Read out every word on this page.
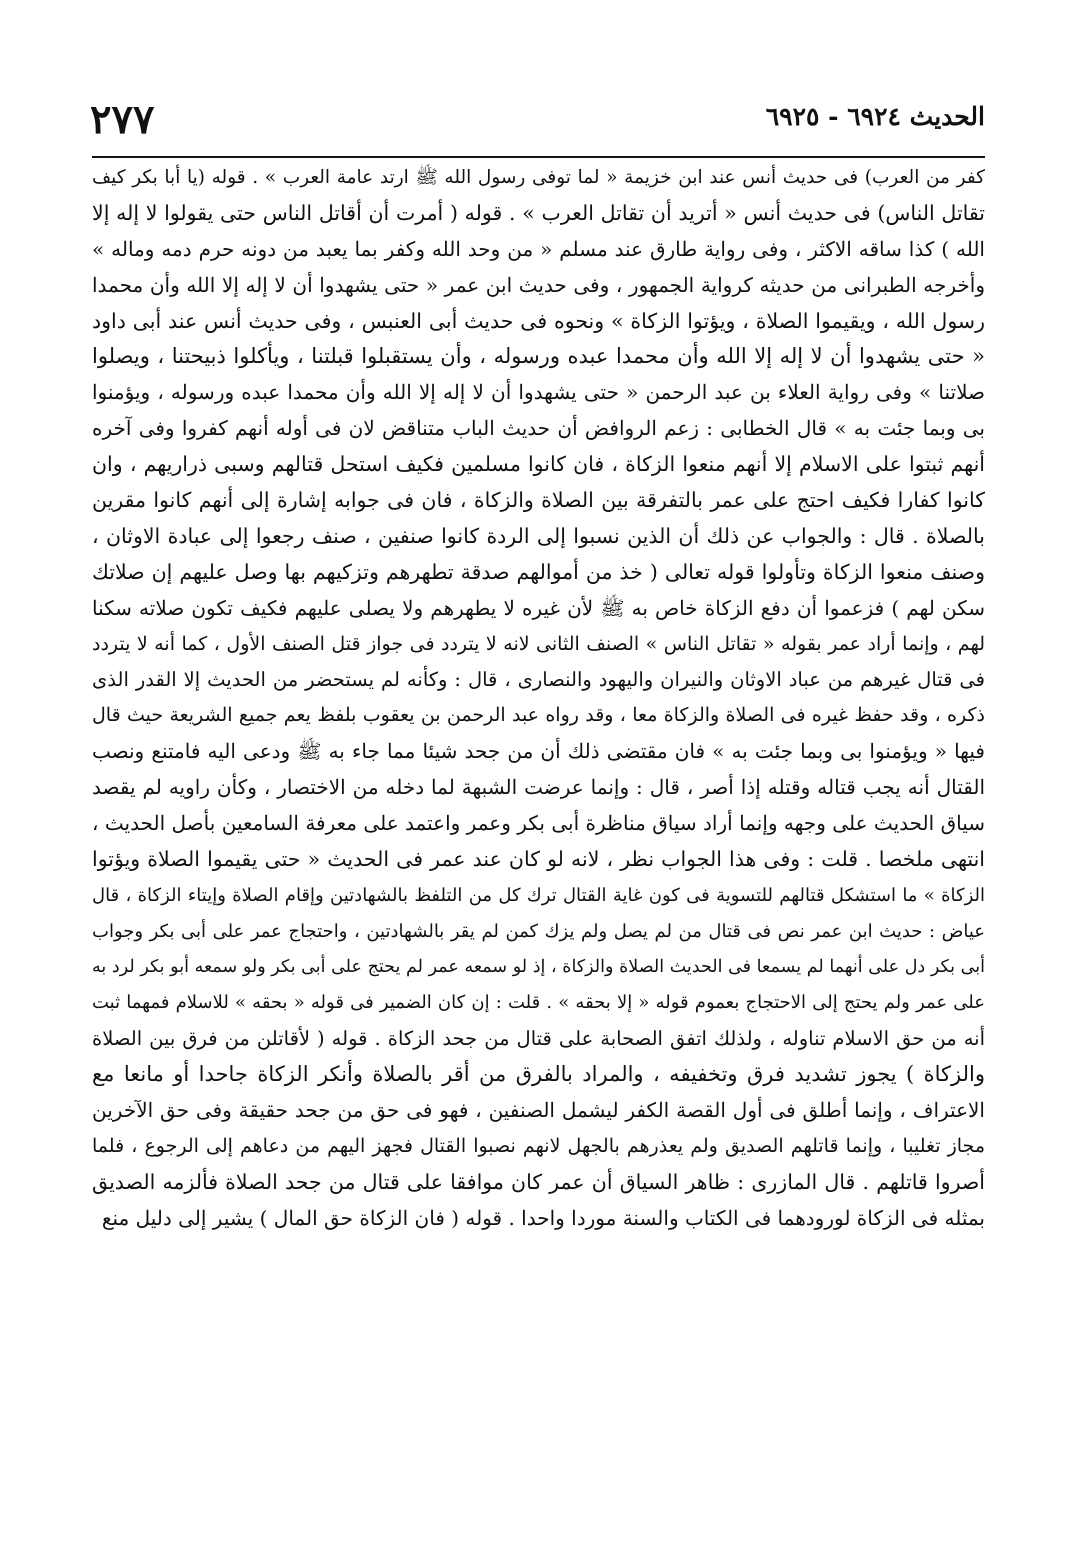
الحديث ٦٩٢٤ - ٦٩٢٥
٢٧٧
كفر من العرب) فى حديث أنس عند ابن خزيمة « لما توفى رسول الله ﷺ ارتد عامة العرب » . قوله (يا أبا بكر كيف
تقاتل الناس) فى حديث أنس « أتريد أن تقاتل العرب » . قوله ( أمرت أن أقاتل الناس حتى يقولوا لا إله إلا
الله ) كذا ساقه الاكثر ، وفى رواية طارق عند مسلم « من وحد الله وكفر بما يعبد من دونه حرم دمه وماله »
وأخرجه الطبرانى من حديثه كرواية الجمهور ، وفى حديث ابن عمر « حتى يشهدوا أن لا إله إلا الله وأن محمدا
رسول الله ، ويقيموا الصلاة ، ويؤتوا الزكاة » ونحوه فى حديث أبى العنبس ، وفى حديث أنس عند أبى داود
« حتى يشهدوا أن لا إله إلا الله وأن محمدا عبده ورسوله ، وأن يستقبلوا قبلتنا ، ويأكلوا ذبيحتنا ، ويصلوا
صلاتنا » وفى رواية العلاء بن عبد الرحمن « حتى يشهدوا أن لا إله إلا الله وأن محمدا عبده ورسوله ، ويؤمنوا
بى وبما جئت به » قال الخطابى : زعم الروافض أن حديث الباب متناقض لان فى أوله أنهم كفروا وفى آخره
أنهم ثبتوا على الاسلام إلا أنهم منعوا الزكاة ، فان كانوا مسلمين فكيف استحل قتالهم وسبى ذراريهم ، وان
كانوا كفارا فكيف احتج على عمر بالتفرقة بين الصلاة والزكاة ، فان فى جوابه إشارة إلى أنهم كانوا مقرين
بالصلاة . قال : والجواب عن ذلك أن الذين نسبوا إلى الردة كانوا صنفين ، صنف رجعوا إلى عبادة الاوثان ،
وصنف منعوا الزكاة وتأولوا قوله تعالى ( خذ من أموالهم صدقة تطهرهم وتزكيهم بها وصل عليهم إن صلاتك
سكن لهم ) فزعموا أن دفع الزكاة خاص به ﷺ لأن غيره لا يطهرهم ولا يصلى عليهم فكيف تكون صلاته سكنا
لهم ، وإنما أراد عمر بقوله « تقاتل الناس » الصنف الثانى لانه لا يتردد فى جواز قتل الصنف الأول ، كما أنه لا يتردد
فى قتال غيرهم من عباد الاوثان والنيران واليهود والنصارى ، قال : وكأنه لم يستحضر من الحديث إلا القدر الذى
ذكره ، وقد حفظ غيره فى الصلاة والزكاة معا ، وقد رواه عبد الرحمن بن يعقوب بلفظ يعم جميع الشريعة حيث قال
فيها « ويؤمنوا بى وبما جئت به » فان مقتضى ذلك أن من جحد شيئا مما جاء به ﷺ ودعى اليه فامتنع ونصب
القتال أنه يجب قتاله وقتله إذا أصر ، قال : وإنما عرضت الشبهة لما دخله من الاختصار ، وكأن راويه لم يقصد
سياق الحديث على وجهه وإنما أراد سياق مناظرة أبى بكر وعمر واعتمد على معرفة السامعين بأصل الحديث ،
انتهى ملخصا . قلت : وفى هذا الجواب نظر ، لانه لو كان عند عمر فى الحديث « حتى يقيموا الصلاة ويؤتوا
الزكاة » ما استشكل قتالهم للتسوية فى كون غاية القتال ترك كل من التلفظ بالشهادتين وإقام الصلاة وإيتاء الزكاة ، قال
عياض : حديث ابن عمر نص فى قتال من لم يصل ولم يزك كمن لم يقر بالشهادتين ، واحتجاج عمر على أبى بكر وجواب
أبى بكر دل على أنهما لم يسمعا فى الحديث الصلاة والزكاة ، إذ لو سمعه عمر لم يحتج على أبى بكر ولو سمعه أبو بكر لرد به
على عمر ولم يحتج إلى الاحتجاج بعموم قوله « إلا بحقه » . قلت : إن كان الضمير فى قوله « بحقه » للاسلام فمهما ثبت
أنه من حق الاسلام تناوله ، ولذلك اتفق الصحابة على قتال من جحد الزكاة . قوله ( لأقاتلن من فرق بين الصلاة
والزكاة ) يجوز تشديد فرق وتخفيفه ، والمراد بالفرق من أقر بالصلاة وأنكر الزكاة جاحدا أو مانعا مع
الاعتراف ، وإنما أطلق فى أول القصة الكفر ليشمل الصنفين ، فهو فى حق من جحد حقيقة وفى حق الآخرين
مجاز تغليبا ، وإنما قاتلهم الصديق ولم يعذرهم بالجهل لانهم نصبوا القتال فجهز اليهم من دعاهم إلى الرجوع ، فلما
أصروا قاتلهم . قال المازرى : ظاهر السياق أن عمر كان موافقا على قتال من جحد الصلاة فألزمه الصديق
بمثله فى الزكاة لورودهما فى الكتاب والسنة موردا واحدا . قوله ( فان الزكاة حق المال ) يشير إلى دليل منع
